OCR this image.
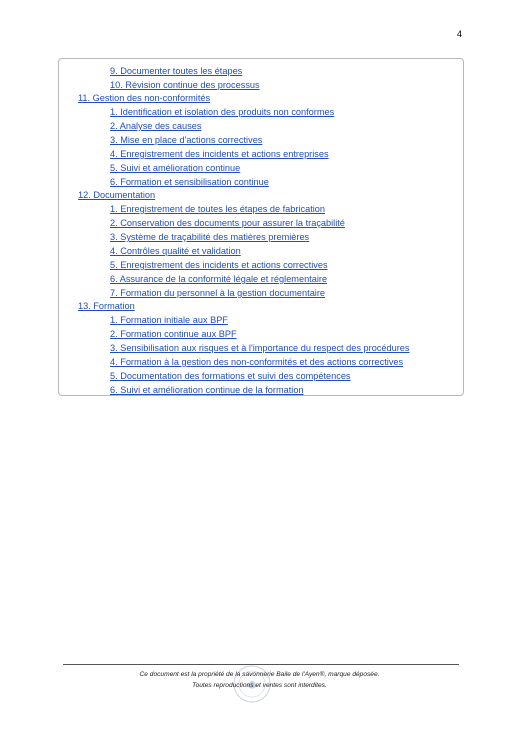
4
9. Documenter toutes les étapes
10. Révision continue des processus
11. Gestion des non-conformités
1. Identification et isolation des produits non conformes
2. Analyse des causes
3. Mise en place d'actions correctives
4. Enregistrement des incidents et actions entreprises
5. Suivi et amélioration continue
6. Formation et sensibilisation continue
12. Documentation
1. Enregistrement de toutes les étapes de fabrication
2. Conservation des documents pour assurer la traçabilité
3. Système de traçabilité des matières premières
4. Contrôles qualité et validation
5. Enregistrement des incidents et actions correctives
6. Assurance de la conformité légale et réglementaire
7. Formation du personnel à la gestion documentaire
13. Formation
1. Formation initiale aux BPF
2. Formation continue aux BPF
3. Sensibilisation aux risques et à l'importance du respect des procédures
4. Formation à la gestion des non-conformités et des actions correctives
5. Documentation des formations et suivi des compétences
6. Suivi et amélioration continue de la formation
Ce document est la propriété de la savonnerie Baile de l'Ayen®, marque déposée.
Toutes reproductions et ventes sont interdites.
